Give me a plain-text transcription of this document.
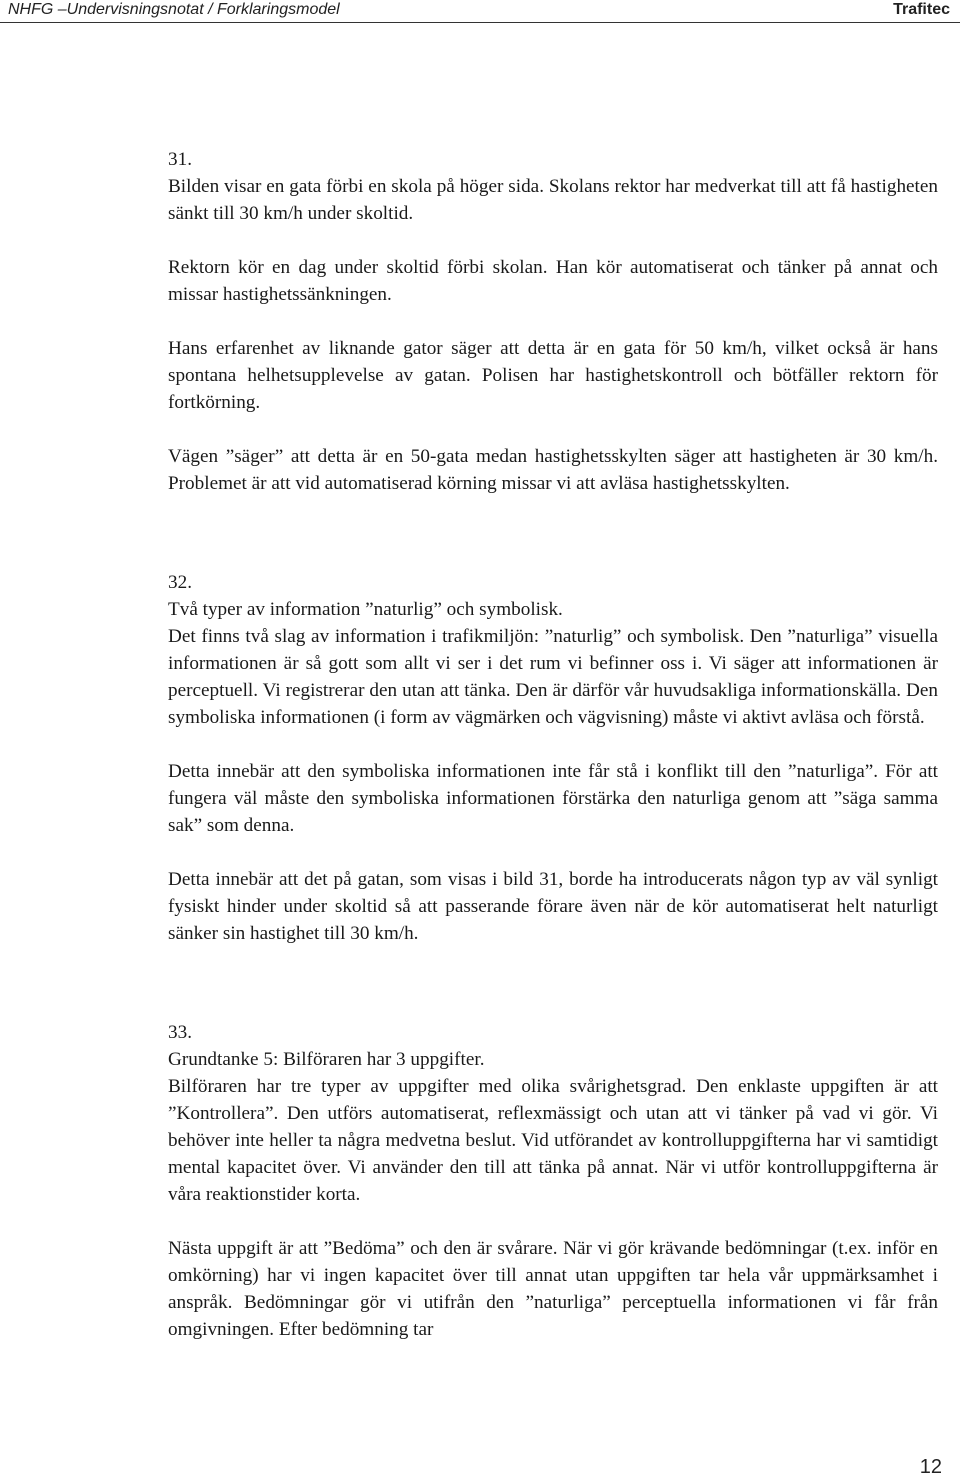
NHFG –Undervisningsnotat / Forklaringsmodel	Trafitec

31.

Bilden visar en gata förbi en skola på höger sida. Skolans rektor har medverkat till att få hastigheten sänkt till 30 km/h under skoltid.

Rektorn kör en dag under skoltid förbi skolan. Han kör automatiserat och tänker på annat och missar hastighetssänkningen.

Hans erfarenhet av liknande gator säger att detta är en gata för 50 km/h, vilket också är hans spontana helhetsupplevelse av gatan. Polisen har hastighetskontroll och bötfäller rektorn för fortkörning.

Vägen ”säger” att detta är en 50-gata medan hastighetsskylten säger att hastigheten är 30 km/h. Problemet är att vid automatiserad körning missar vi att avläsa hastighetsskylten.

32.

Två typer av information ”naturlig” och symbolisk.

Det finns två slag av information i trafikmiljön: ”naturlig” och symbolisk. Den ”naturliga” visuella informationen är så gott som allt vi ser i det rum vi befinner oss i. Vi säger att informationen är perceptuell. Vi registrerar den utan att tänka. Den är därför vår huvudsakliga informationskälla. Den symboliska informationen (i form av vägmärken och vägvisning) måste vi aktivt avläsa och förstå.

Detta innebär att den symboliska informationen inte får stå i konflikt till den ”naturliga”. För att fungera väl måste den symboliska informationen förstärka den naturliga genom att ”säga samma sak” som denna.

Detta innebär att det på gatan, som visas i bild 31, borde ha introducerats någon typ av väl synligt fysiskt hinder under skoltid så att passerande förare även när de kör automatiserat helt naturligt sänker sin hastighet till 30 km/h.

33.

Grundtanke 5: Bilföraren har 3 uppgifter.

Bilföraren har tre typer av uppgifter med olika svårighetsgrad. Den enklaste uppgiften är att ”Kontrollera”. Den utförs automatiserat, reflexmässigt och utan att vi tänker på vad vi gör. Vi behöver inte heller ta några medvetna beslut. Vid utförandet av kontrolluppgifterna har vi samtidigt mental kapacitet över. Vi använder den till att tänka på annat. När vi utför kontrolluppgifterna är våra reaktionstider korta.

Nästa uppgift är att ”Bedöma” och den är svårare. När vi gör krävande bedömningar (t.ex. inför en omkörning) har vi ingen kapacitet över till annat utan uppgiften tar hela vår uppmärksamhet i anspråk. Bedömningar gör vi utifrån den ”naturliga” perceptuella informationen vi får från omgivningen. Efter bedömning tar

12
